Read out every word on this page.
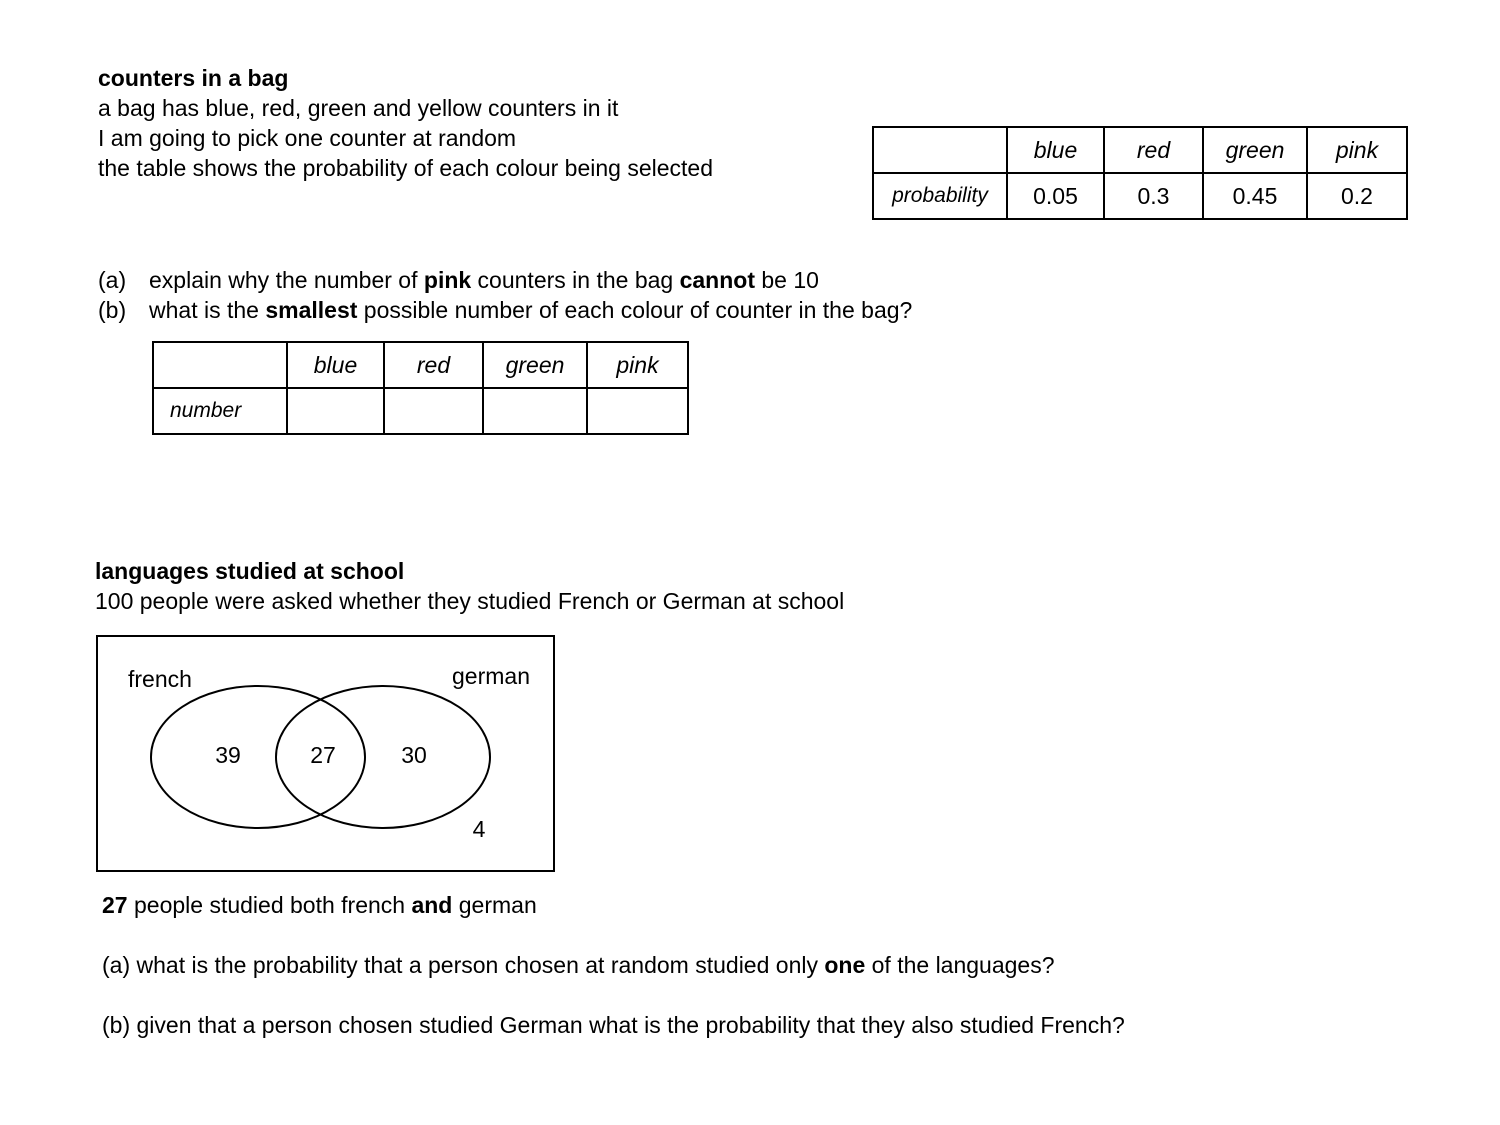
counters in a bag
a bag has blue, red, green and yellow counters in it
I am going to pick one counter at random
the table shows the probability of each colour being selected
	blue	red	green	pink
probability	0.05	0.3	0.45	0.2
(a) explain why the number of pink counters in the bag cannot be 10
(b) what is the smallest possible number of each colour of counter in the bag?
	blue	red	green	pink
number				
languages studied at school
100 people were asked whether they studied French or German at school
french	german
39	27	30
4
27 people studied both french and german
(a) what is the probability that a person chosen at random studied only one of the languages?
(b) given that a person chosen studied German what is the probability that they also studied French?
